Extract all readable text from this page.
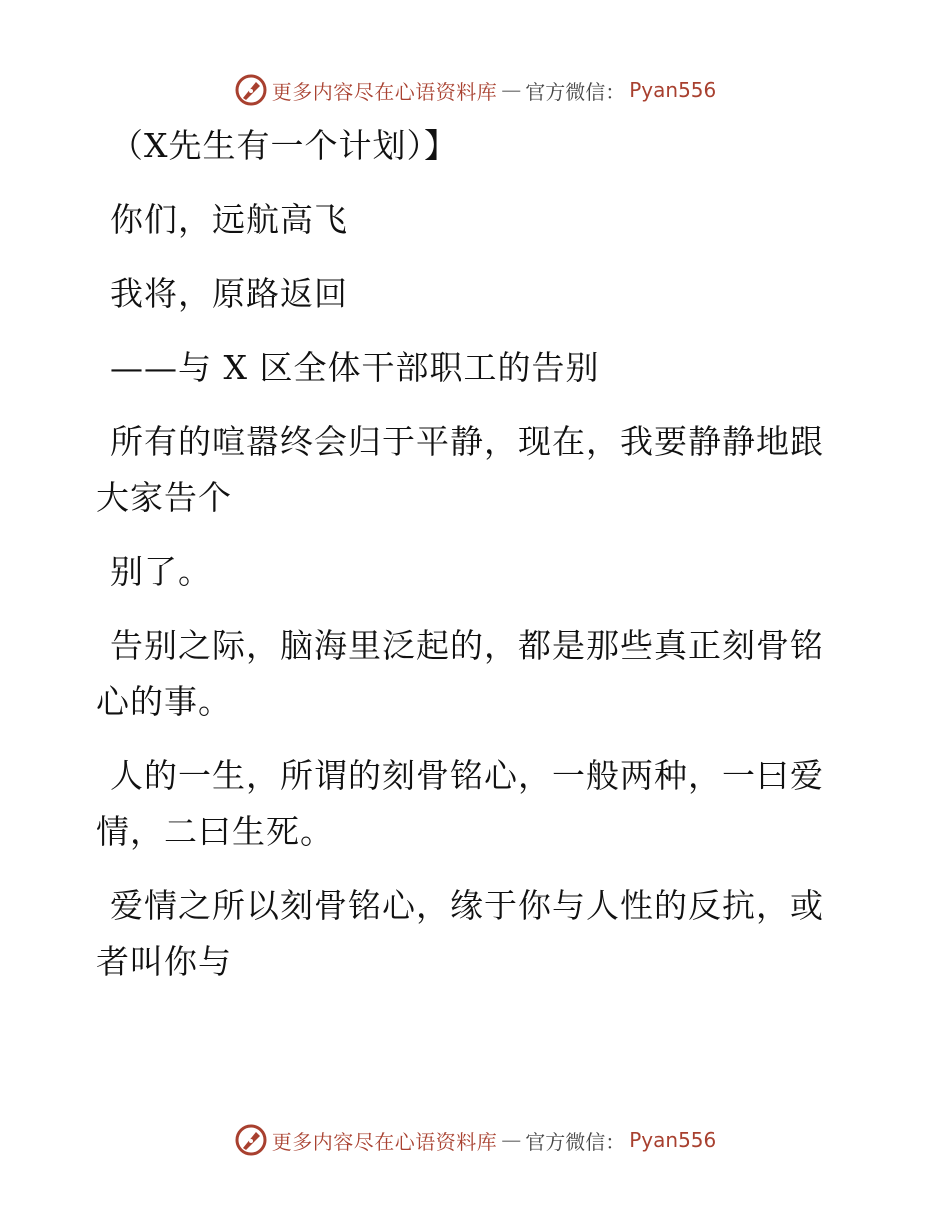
更多内容尽在心语资料库 — 官方微信： Pyan556

（X先生有一个计划）】

你们，远航高飞

我将，原路返回

——与 X 区全体干部职工的告别

所有的喧嚣终会归于平静，现在，我要静静地跟大家告个

别了。

告别之际，脑海里泛起的，都是那些真正刻骨铭心的事。

人的一生，所谓的刻骨铭心，一般两种，一曰爱情，二曰生死。

爱情之所以刻骨铭心，缘于你与人性的反抗，或者叫你与

更多内容尽在心语资料库 — 官方微信： Pyan556
